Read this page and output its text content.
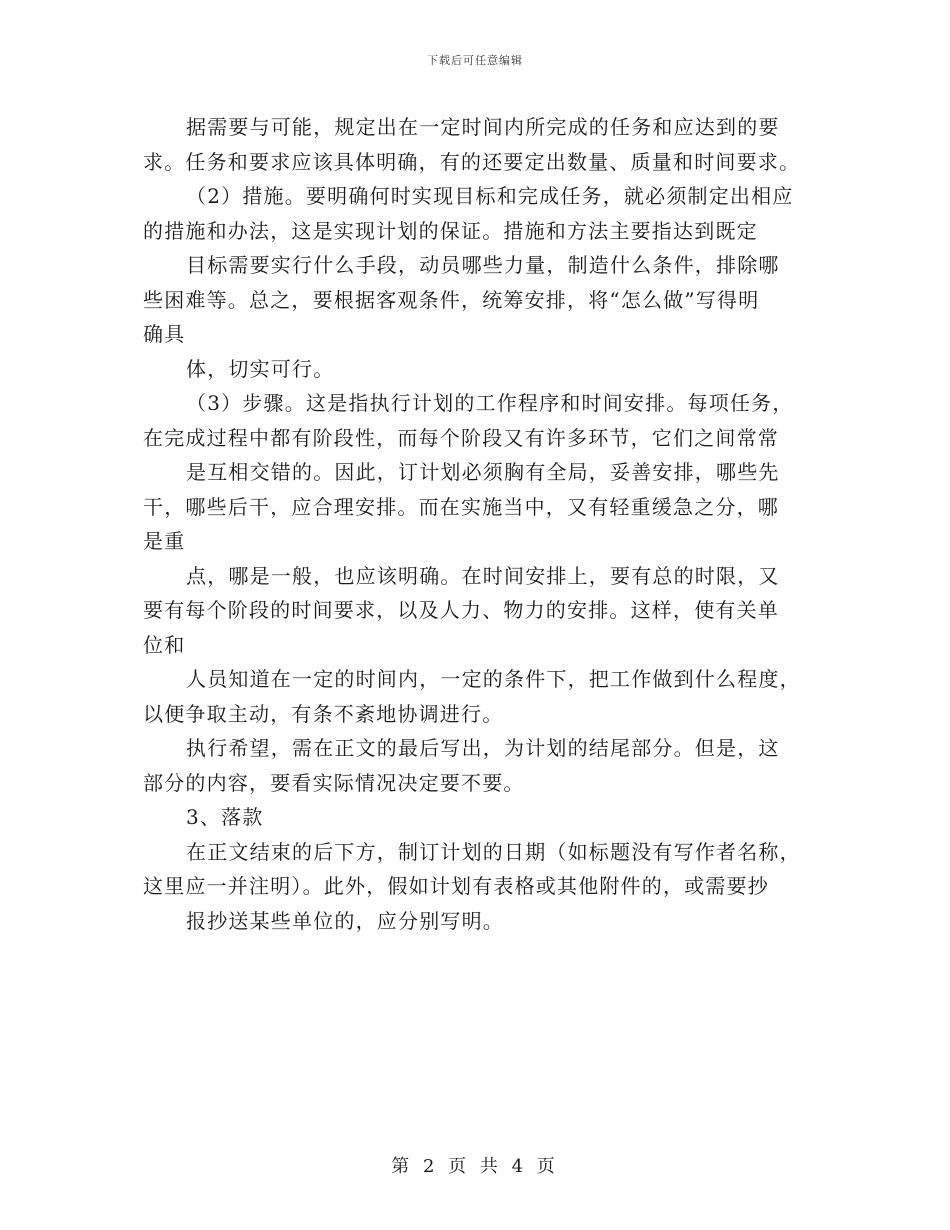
下载后可任意编辑
据需要与可能，规定出在一定时间内所完成的任务和应达到的要
求。任务和要求应该具体明确，有的还要定出数量、质量和时间要求。
（2）措施。要明确何时实现目标和完成任务，就必须制定出相应
的措施和办法，这是实现计划的保证。措施和方法主要指达到既定
目标需要实行什么手段，动员哪些力量，制造什么条件，排除哪
些困难等。总之，要根据客观条件，统筹安排，将“怎么做”写得明
确具
体，切实可行。
（3）步骤。这是指执行计划的工作程序和时间安排。每项任务，
在完成过程中都有阶段性，而每个阶段又有许多环节，它们之间常常
是互相交错的。因此，订计划必须胸有全局，妥善安排，哪些先
干，哪些后干，应合理安排。而在实施当中，又有轻重缓急之分，哪
是重
点，哪是一般，也应该明确。在时间安排上，要有总的时限，又
要有每个阶段的时间要求，以及人力、物力的安排。这样，使有关单
位和
人员知道在一定的时间内，一定的条件下，把工作做到什么程度，
以便争取主动，有条不紊地协调进行。
执行希望，需在正文的最后写出，为计划的结尾部分。但是，这
部分的内容，要看实际情况决定要不要。
3、落款
在正文结束的后下方，制订计划的日期（如标题没有写作者名称，
这里应一并注明）。此外，假如计划有表格或其他附件的，或需要抄
报抄送某些单位的，应分别写明。
第 2 页 共 4 页
